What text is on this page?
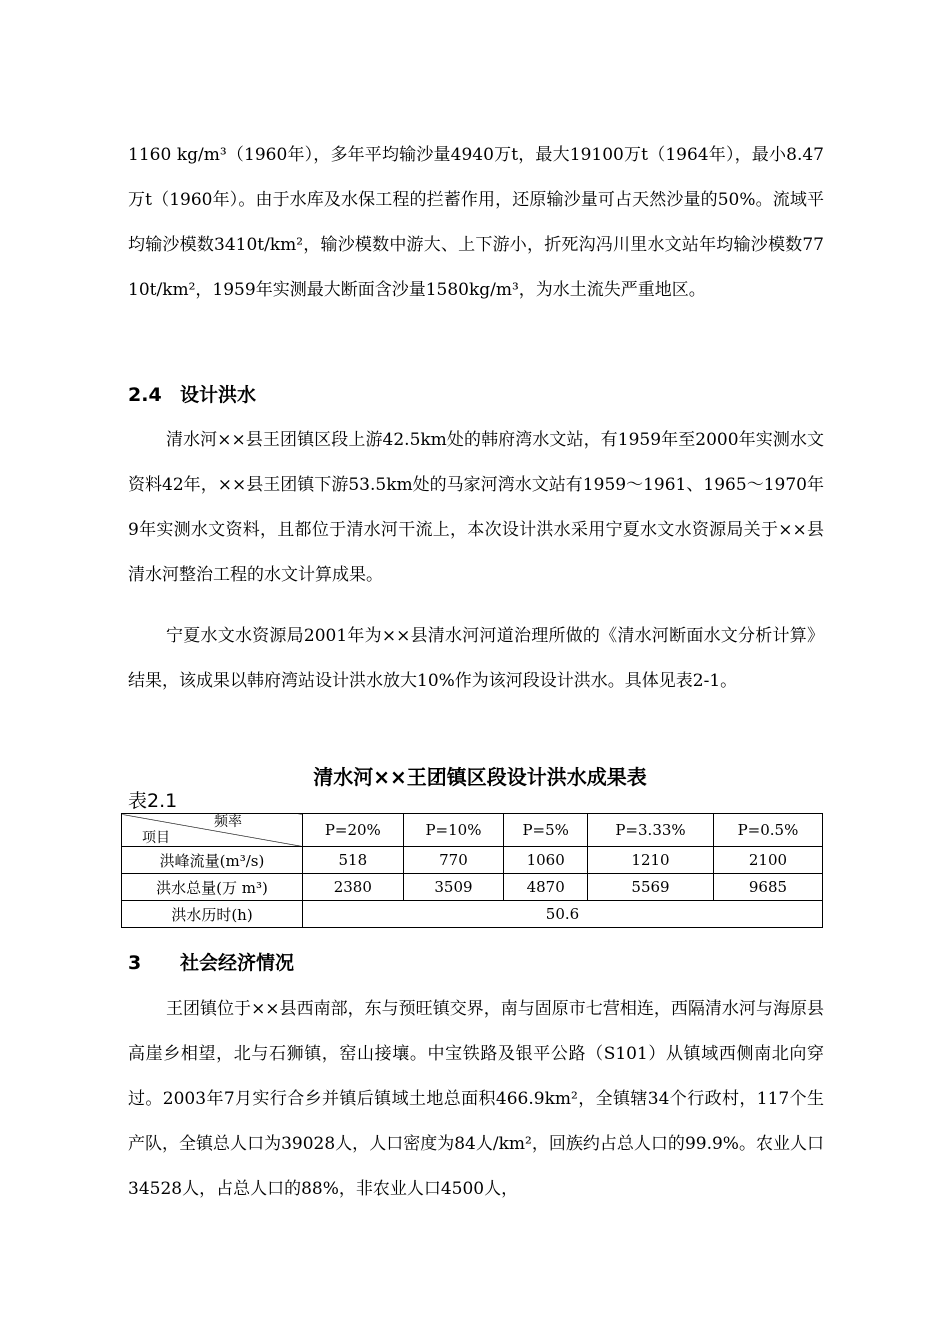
1160 kg/m³（1960年），多年平均输沙量4940万t，最大19100万t（1964年），最小8.47万t（1960年）。由于水库及水保工程的拦蓄作用，还原输沙量可占天然沙量的50%。流域平均输沙模数3410t/km²，输沙模数中游大、上下游小，折死沟冯川里水文站年均输沙模数7710t/km²，1959年实测最大断面含沙量1580kg/m³，为水土流失严重地区。

2.4 设计洪水

清水河××县王团镇区段上游42.5km处的韩府湾水文站，有1959年至2000年实测水文资料42年，××县王团镇下游53.5km处的马家河湾水文站有1959～1961、1965～1970年9年实测水文资料，且都位于清水河干流上，本次设计洪水采用宁夏水文水资源局关于××县清水河整治工程的水文计算成果。

宁夏水文水资源局2001年为××县清水河河道治理所做的《清水河断面水文分析计算》结果，该成果以韩府湾站设计洪水放大10%作为该河段设计洪水。具体见表2-1。

清水河××王团镇区段设计洪水成果表

表2.1

频率
项目	P=20%	P=10%	P=5%	P=3.33%	P=0.5%
洪峰流量(m³/s)	518	770	1060	1210	2100
洪水总量(万 m³)	2380	3509	4870	5569	9685
洪水历时(h)	50.6				
3 社会经济情况

王团镇位于××县西南部，东与预旺镇交界，南与固原市七营相连，西隔清水河与海原县高崖乡相望，北与石狮镇，窑山接壤。中宝铁路及银平公路（S101）从镇域西侧南北向穿过。2003年7月实行合乡并镇后镇域土地总面积466.9km²，全镇辖34个行政村，117个生产队，全镇总人口为39028人，人口密度为84人/km²，回族约占总人口的99.9%。农业人口34528人，占总人口的88%，非农业人口4500人，
